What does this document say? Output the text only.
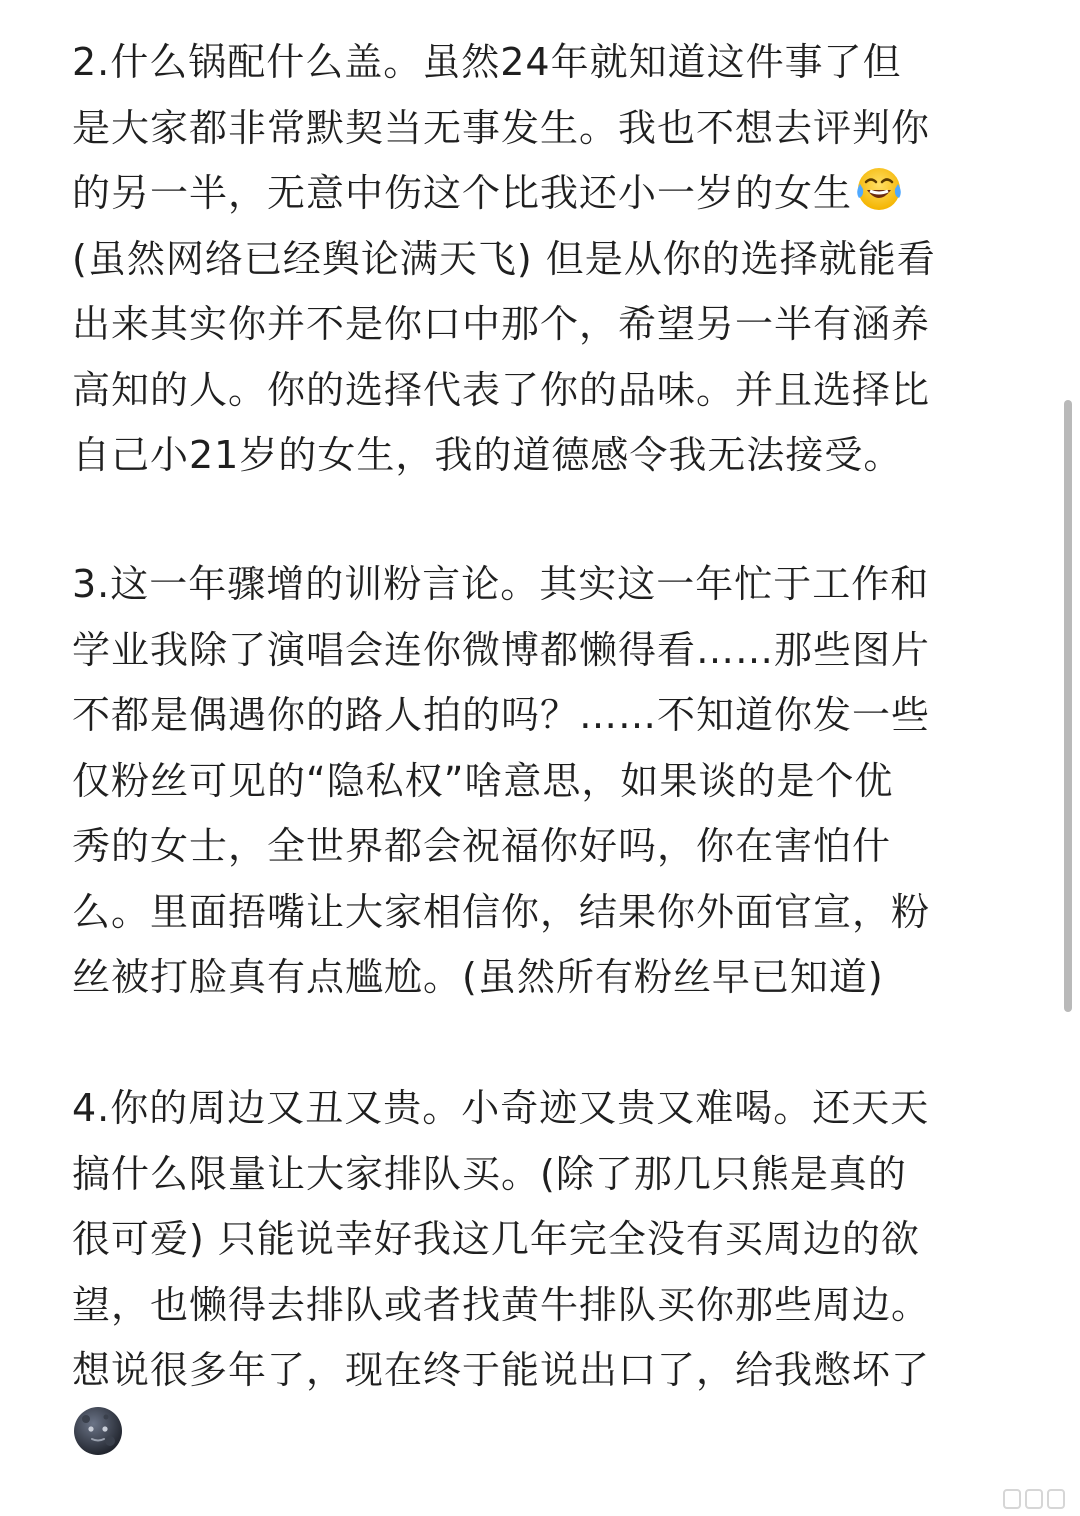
2.什么锅配什么盖。虽然24年就知道这件事了但
是大家都非常默契当无事发生。我也不想去评判你
的另一半，无意中伤这个比我还小一岁的女生
(虽然网络已经舆论满天飞) 但是从你的选择就能看
出来其实你并不是你口中那个，希望另一半有涵养
高知的人。你的选择代表了你的品味。并且选择比
自己小21岁的女生，我的道德感令我无法接受。
3.这一年骤增的训粉言论。其实这一年忙于工作和
学业我除了演唱会连你微博都懒得看……那些图片
不都是偶遇你的路人拍的吗？……不知道你发一些
仅粉丝可见的“隐私权”啥意思，如果谈的是个优
秀的女士，全世界都会祝福你好吗，你在害怕什
么。里面捂嘴让大家相信你，结果你外面官宣，粉
丝被打脸真有点尴尬。(虽然所有粉丝早已知道)
4.你的周边又丑又贵。小奇迹又贵又难喝。还天天
搞什么限量让大家排队买。(除了那几只熊是真的
很可爱) 只能说幸好我这几年完全没有买周边的欲
望，也懒得去排队或者找黄牛排队买你那些周边。
想说很多年了，现在终于能说出口了，给我憋坏了
